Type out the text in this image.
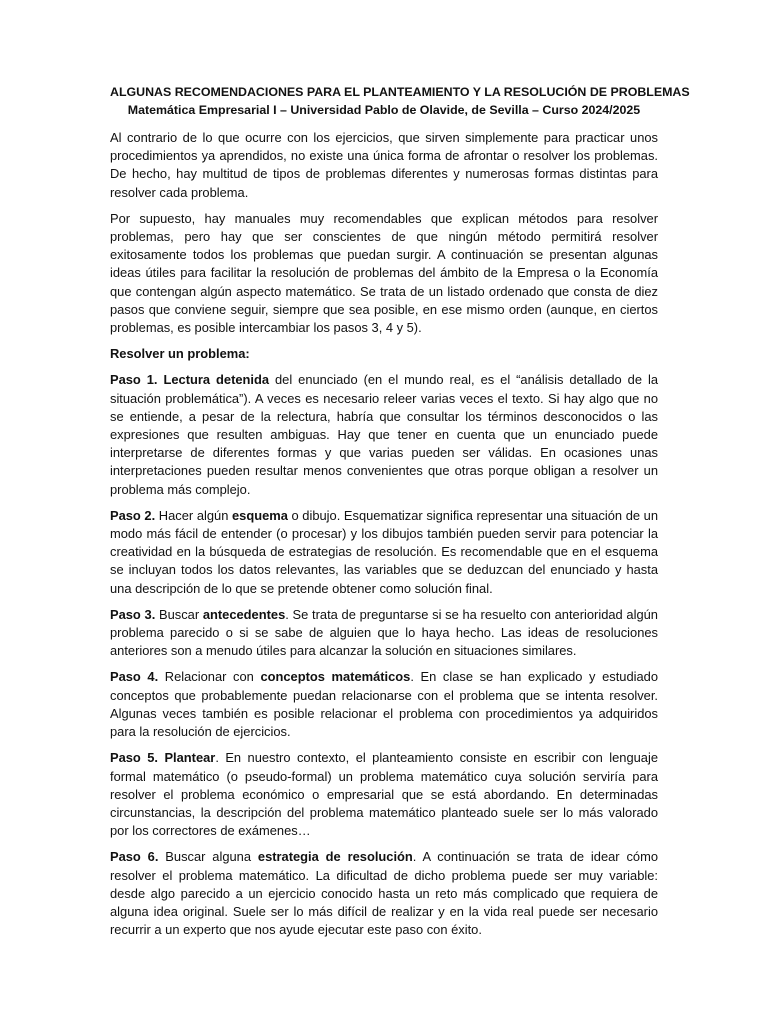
ALGUNAS RECOMENDACIONES PARA EL PLANTEAMIENTO Y LA RESOLUCIÓN DE PROBLEMAS
Matemática Empresarial I – Universidad Pablo de Olavide, de Sevilla – Curso 2024/2025

Al contrario de lo que ocurre con los ejercicios, que sirven simplemente para practicar unos procedimientos ya aprendidos, no existe una única forma de afrontar o resolver los problemas. De hecho, hay multitud de tipos de problemas diferentes y numerosas formas distintas para resolver cada problema.

Por supuesto, hay manuales muy recomendables que explican métodos para resolver problemas, pero hay que ser conscientes de que ningún método permitirá resolver exitosamente todos los problemas que puedan surgir. A continuación se presentan algunas ideas útiles para facilitar la resolución de problemas del ámbito de la Empresa o la Economía que contengan algún aspecto matemático. Se trata de un listado ordenado que consta de diez pasos que conviene seguir, siempre que sea posible, en ese mismo orden (aunque, en ciertos problemas, es posible intercambiar los pasos 3, 4 y 5).

Resolver un problema:

Paso 1. Lectura detenida del enunciado (en el mundo real, es el “análisis detallado de la situación problemática”). A veces es necesario releer varias veces el texto. Si hay algo que no se entiende, a pesar de la relectura, habría que consultar los términos desconocidos o las expresiones que resulten ambiguas. Hay que tener en cuenta que un enunciado puede interpretarse de diferentes formas y que varias pueden ser válidas. En ocasiones unas interpretaciones pueden resultar menos convenientes que otras porque obligan a resolver un problema más complejo.

Paso 2. Hacer algún esquema o dibujo. Esquematizar significa representar una situación de un modo más fácil de entender (o procesar) y los dibujos también pueden servir para potenciar la creatividad en la búsqueda de estrategias de resolución. Es recomendable que en el esquema se incluyan todos los datos relevantes, las variables que se deduzcan del enunciado y hasta una descripción de lo que se pretende obtener como solución final.

Paso 3. Buscar antecedentes. Se trata de preguntarse si se ha resuelto con anterioridad algún problema parecido o si se sabe de alguien que lo haya hecho. Las ideas de resoluciones anteriores son a menudo útiles para alcanzar la solución en situaciones similares.

Paso 4. Relacionar con conceptos matemáticos. En clase se han explicado y estudiado conceptos que probablemente puedan relacionarse con el problema que se intenta resolver. Algunas veces también es posible relacionar el problema con procedimientos ya adquiridos para la resolución de ejercicios.

Paso 5. Plantear. En nuestro contexto, el planteamiento consiste en escribir con lenguaje formal matemático (o pseudo-formal) un problema matemático cuya solución serviría para resolver el problema económico o empresarial que se está abordando. En determinadas circunstancias, la descripción del problema matemático planteado suele ser lo más valorado por los correctores de exámenes…

Paso 6. Buscar alguna estrategia de resolución. A continuación se trata de idear cómo resolver el problema matemático. La dificultad de dicho problema puede ser muy variable: desde algo parecido a un ejercicio conocido hasta un reto más complicado que requiera de alguna idea original. Suele ser lo más difícil de realizar y en la vida real puede ser necesario recurrir a un experto que nos ayude ejecutar este paso con éxito.
